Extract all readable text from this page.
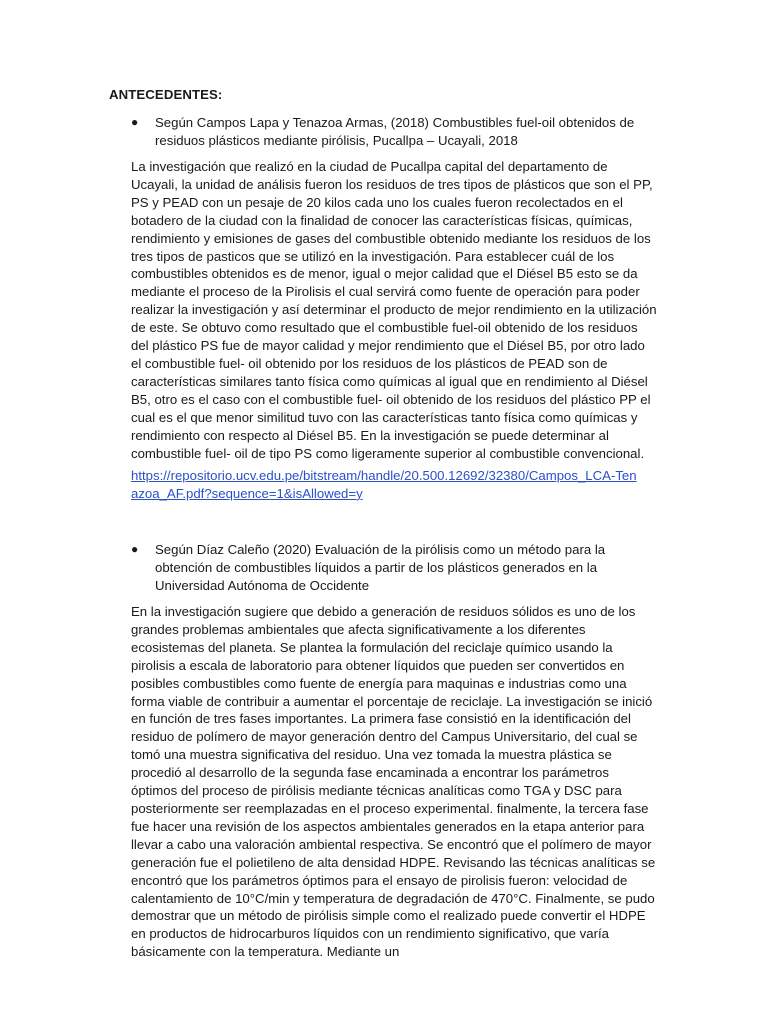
ANTECEDENTES:
●	Según Campos Lapa y Tenazoa Armas, (2018) Combustibles fuel-oil obtenidos de residuos plásticos mediante pirólisis, Pucallpa – Ucayali, 2018

La investigación que realizó en la ciudad de Pucallpa capital del departamento de Ucayali, la unidad de análisis fueron los residuos de tres tipos de plásticos que son el PP, PS y PEAD con un pesaje de 20 kilos cada uno los cuales fueron recolectados en el botadero de la ciudad con la finalidad de conocer las características físicas, químicas, rendimiento y emisiones de gases del combustible obtenido mediante los residuos de los tres tipos de pasticos que se utilizó en la investigación. Para establecer cuál de los combustibles obtenidos es de menor, igual o mejor calidad que el Diésel B5 esto se da mediante el proceso de la Pirolisis el cual servirá como fuente de operación para poder realizar la investigación y así determinar el producto de mejor rendimiento en la utilización de este. Se obtuvo como resultado que el combustible fuel-oil obtenido de los residuos del plástico PS fue de mayor calidad y mejor rendimiento que el Diésel B5, por otro lado el combustible fuel- oil obtenido por los residuos de los plásticos de PEAD son de características similares tanto física como químicas al igual que en rendimiento al Diésel B5, otro es el caso con el combustible fuel- oil obtenido de los residuos del plástico PP el cual es el que menor similitud tuvo con las características tanto física como químicas y rendimiento con respecto al Diésel B5. En la investigación se puede determinar al combustible fuel- oil de tipo PS como ligeramente superior al combustible convencional.

https://repositorio.ucv.edu.pe/bitstream/handle/20.500.12692/32380/Campos_LCA-Tenazoa_AF.pdf?sequence=1&isAllowed=y
●	Según Díaz Caleño (2020) Evaluación de la pirólisis como un método para la obtención de combustibles líquidos a partir de los plásticos generados en la Universidad Autónoma de Occidente

En la investigación sugiere que debido a generación de residuos sólidos es uno de los grandes problemas ambientales que afecta significativamente a los diferentes ecosistemas del planeta. Se plantea la formulación del reciclaje químico usando la pirolisis a escala de laboratorio para obtener líquidos que pueden ser convertidos en posibles combustibles como fuente de energía para maquinas e industrias como una forma viable de contribuir a aumentar el porcentaje de reciclaje. La investigación se inició en función de tres fases importantes. La primera fase consistió en la identificación del residuo de polímero de mayor generación dentro del Campus Universitario, del cual se tomó una muestra significativa del residuo. Una vez tomada la muestra plástica se procedió al desarrollo de la segunda fase encaminada a encontrar los parámetros óptimos del proceso de pirólisis mediante técnicas analíticas como TGA y DSC para posteriormente ser reemplazadas en el proceso experimental. finalmente, la tercera fase fue hacer una revisión de los aspectos ambientales generados en la etapa anterior para llevar a cabo una valoración ambiental respectiva. Se encontró que el polímero de mayor generación fue el polietileno de alta densidad HDPE. Revisando las técnicas analíticas se encontró que los parámetros óptimos para el ensayo de pirolisis fueron: velocidad de calentamiento de 10°C/min y temperatura de degradación de 470°C. Finalmente, se pudo demostrar que un método de pirólisis simple como el realizado puede convertir el HDPE en productos de hidrocarburos líquidos con un rendimiento significativo, que varía básicamente con la temperatura. Mediante un
